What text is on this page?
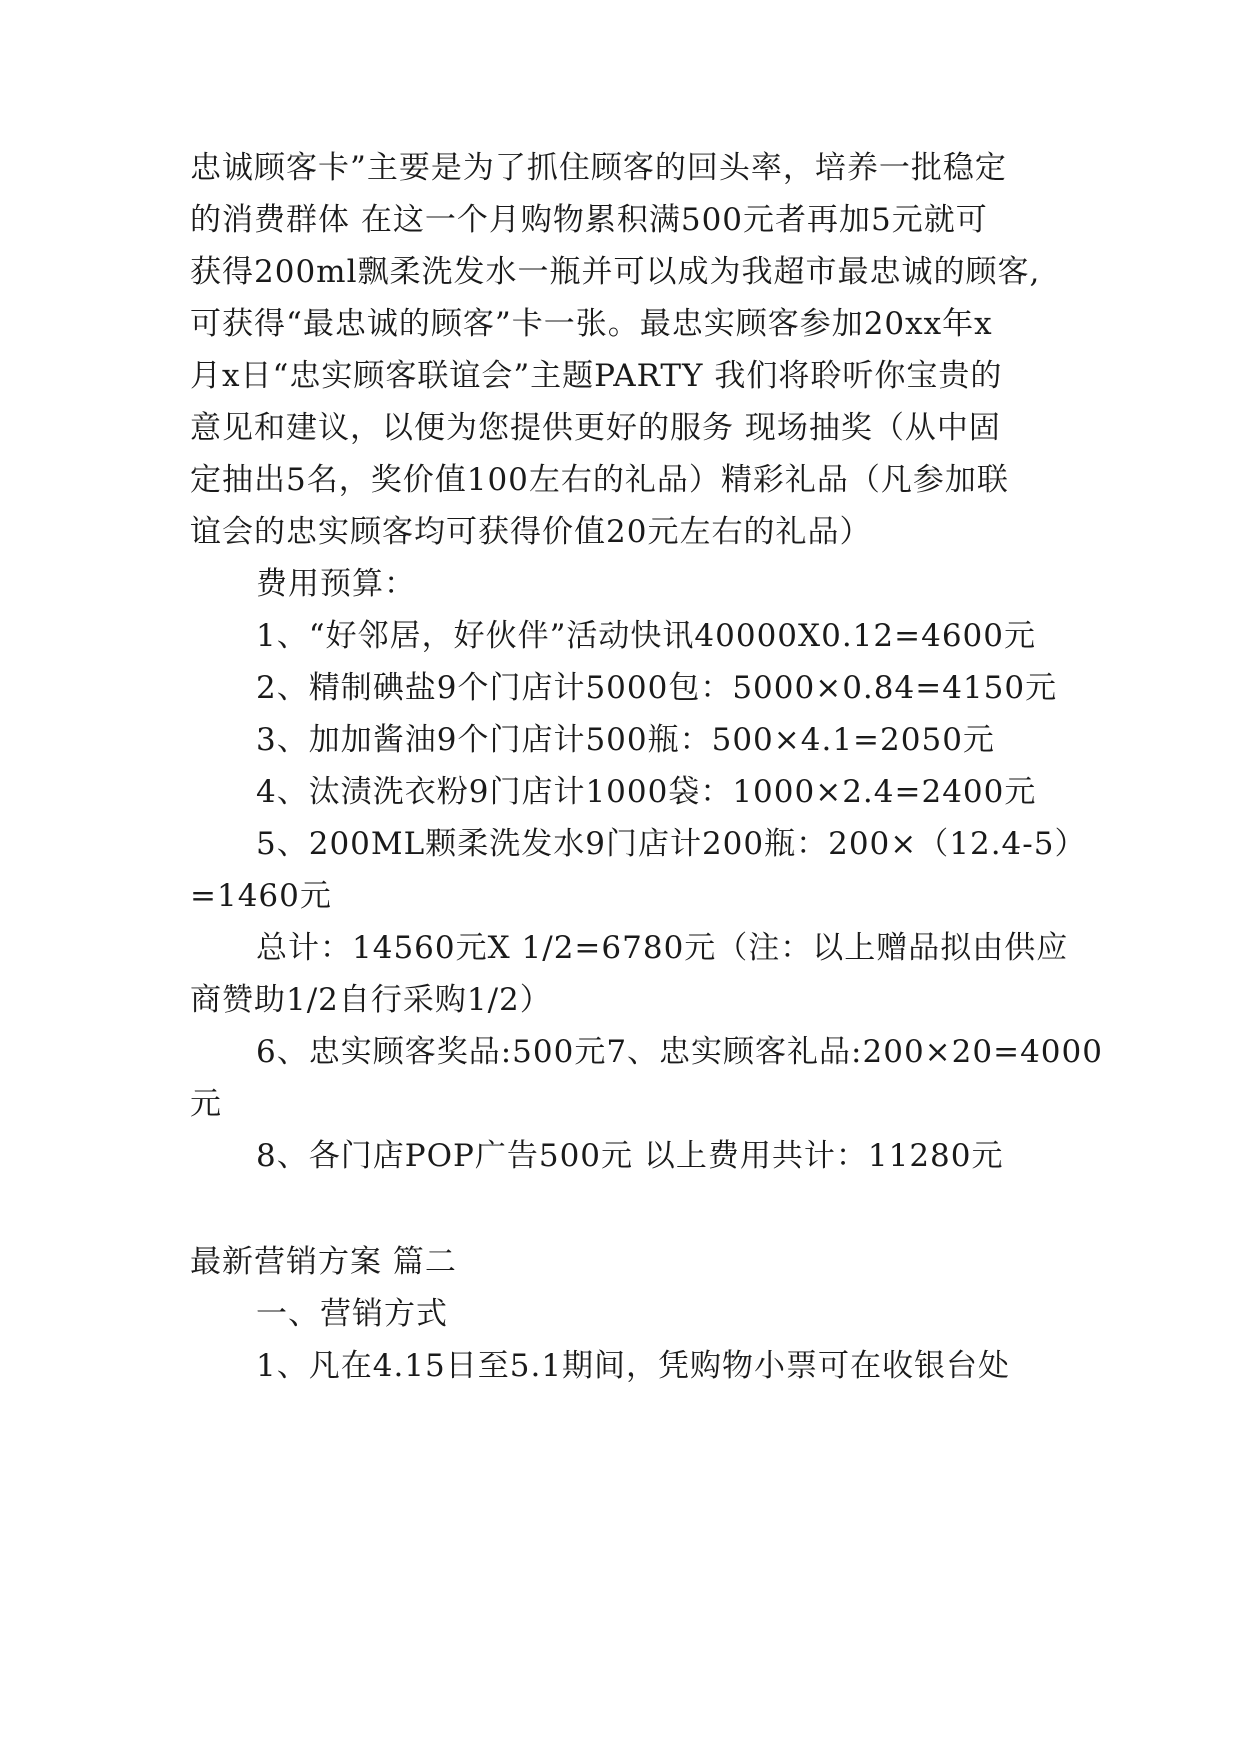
忠诚顾客卡”主要是为了抓住顾客的回头率，培养一批稳定
的消费群体 在这一个月购物累积满500元者再加5元就可
获得200ml飘柔洗发水一瓶并可以成为我超市最忠诚的顾客,
可获得“最忠诚的顾客”卡一张。最忠实顾客参加20xx年x
月x日“忠实顾客联谊会”主题PARTY 我们将聆听你宝贵的
意见和建议，以便为您提供更好的服务 现场抽奖（从中固
定抽出5名，奖价值100左右的礼品）精彩礼品（凡参加联
谊会的忠实顾客均可获得价值20元左右的礼品）
费用预算：
1、“好邻居，好伙伴”活动快讯40000X0.12=4600元
2、精制碘盐9个门店计5000包：5000×0.84=4150元
3、加加酱油9个门店计500瓶：500×4.1=2050元
4、汰渍洗衣粉9门店计1000袋：1000×2.4=2400元
5、200ML颗柔洗发水9门店计200瓶：200×（12.4-5）
=1460元
总计：14560元X 1/2=6780元（注：以上赠品拟由供应
商赞助1/2自行采购1/2）
6、忠实顾客奖品:500元7、忠实顾客礼品:200×20=4000
元
8、各门店POP广告500元 以上费用共计：11280元
最新营销方案 篇二
一、营销方式
1、凡在4.15日至5.1期间，凭购物小票可在收银台处
